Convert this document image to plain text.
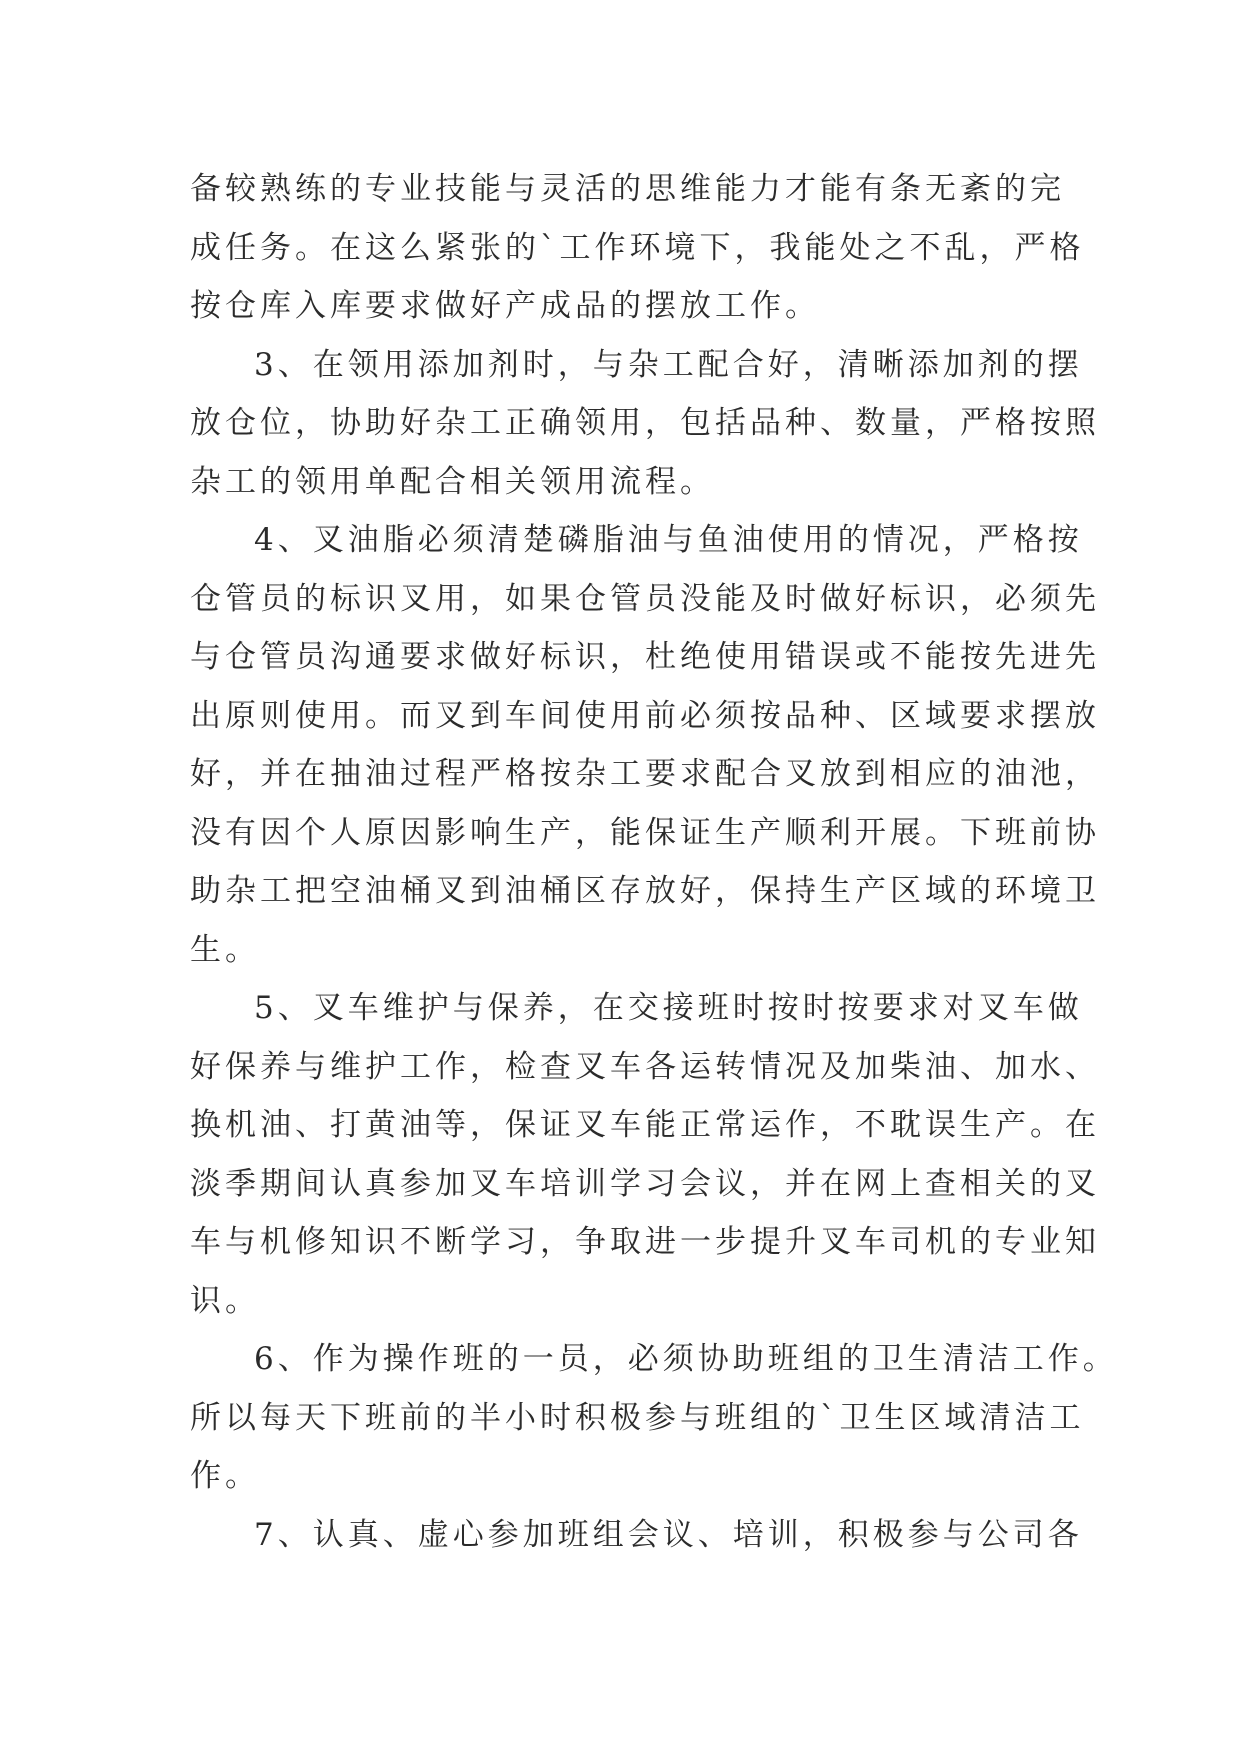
备较熟练的专业技能与灵活的思维能力才能有条无紊的完
成任务。在这么紧张的`工作环境下，我能处之不乱，严格
按仓库入库要求做好产成品的摆放工作。
3、在领用添加剂时，与杂工配合好，清晰添加剂的摆
放仓位，协助好杂工正确领用，包括品种、数量，严格按照
杂工的领用单配合相关领用流程。
4、叉油脂必须清楚磷脂油与鱼油使用的情况，严格按
仓管员的标识叉用，如果仓管员没能及时做好标识，必须先
与仓管员沟通要求做好标识，杜绝使用错误或不能按先进先
出原则使用。而叉到车间使用前必须按品种、区域要求摆放
好，并在抽油过程严格按杂工要求配合叉放到相应的油池，
没有因个人原因影响生产，能保证生产顺利开展。下班前协
助杂工把空油桶叉到油桶区存放好，保持生产区域的环境卫
生。
5、叉车维护与保养，在交接班时按时按要求对叉车做
好保养与维护工作，检查叉车各运转情况及加柴油、加水、
换机油、打黄油等，保证叉车能正常运作，不耽误生产。在
淡季期间认真参加叉车培训学习会议，并在网上查相关的叉
车与机修知识不断学习，争取进一步提升叉车司机的专业知
识。
6、作为操作班的一员，必须协助班组的卫生清洁工作。
所以每天下班前的半小时积极参与班组的`卫生区域清洁工
作。
7、认真、虚心参加班组会议、培训，积极参与公司各
